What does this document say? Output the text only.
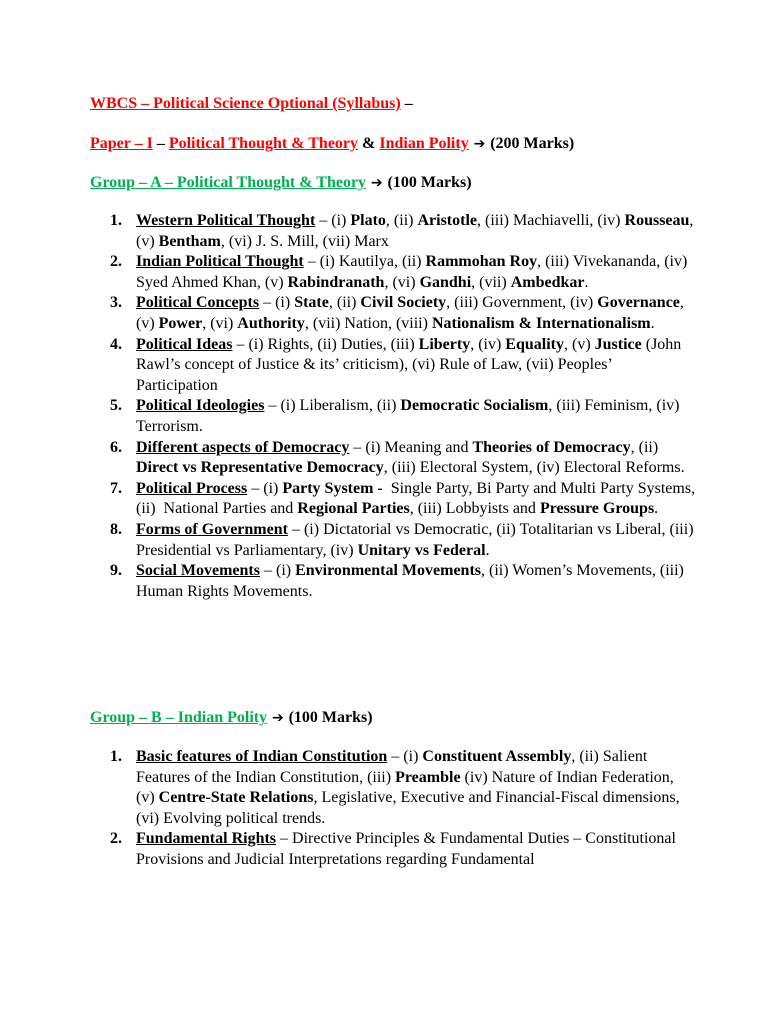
WBCS – Political Science Optional (Syllabus) –
Paper – I – Political Thought & Theory & Indian Polity ➔ (200 Marks)
Group – A – Political Thought & Theory ➔ (100 Marks)
1. Western Political Thought – (i) Plato, (ii) Aristotle, (iii) Machiavelli, (iv) Rousseau, (v) Bentham, (vi) J. S. Mill, (vii) Marx
2. Indian Political Thought – (i) Kautilya, (ii) Rammohan Roy, (iii) Vivekananda, (iv) Syed Ahmed Khan, (v) Rabindranath, (vi) Gandhi, (vii) Ambedkar.
3. Political Concepts – (i) State, (ii) Civil Society, (iii) Government, (iv) Governance, (v) Power, (vi) Authority, (vii) Nation, (viii) Nationalism & Internationalism.
4. Political Ideas – (i) Rights, (ii) Duties, (iii) Liberty, (iv) Equality, (v) Justice (John Rawl’s concept of Justice & its’ criticism), (vi) Rule of Law, (vii) Peoples’ Participation
5. Political Ideologies – (i) Liberalism, (ii) Democratic Socialism, (iii) Feminism, (iv) Terrorism.
6. Different aspects of Democracy – (i) Meaning and Theories of Democracy, (ii) Direct vs Representative Democracy, (iii) Electoral System, (iv) Electoral Reforms.
7. Political Process – (i) Party System -  Single Party, Bi Party and Multi Party Systems, (ii)  National Parties and Regional Parties, (iii) Lobbyists and Pressure Groups.
8. Forms of Government – (i) Dictatorial vs Democratic, (ii) Totalitarian vs Liberal, (iii) Presidential vs Parliamentary, (iv) Unitary vs Federal.
9. Social Movements – (i) Environmental Movements, (ii) Women’s Movements, (iii) Human Rights Movements.
Group – B – Indian Polity ➔ (100 Marks)
1. Basic features of Indian Constitution – (i) Constituent Assembly, (ii) Salient Features of the Indian Constitution, (iii) Preamble (iv) Nature of Indian Federation, (v) Centre-State Relations, Legislative, Executive and Financial-Fiscal dimensions, (vi) Evolving political trends.
2. Fundamental Rights – Directive Principles & Fundamental Duties – Constitutional Provisions and Judicial Interpretations regarding Fundamental
